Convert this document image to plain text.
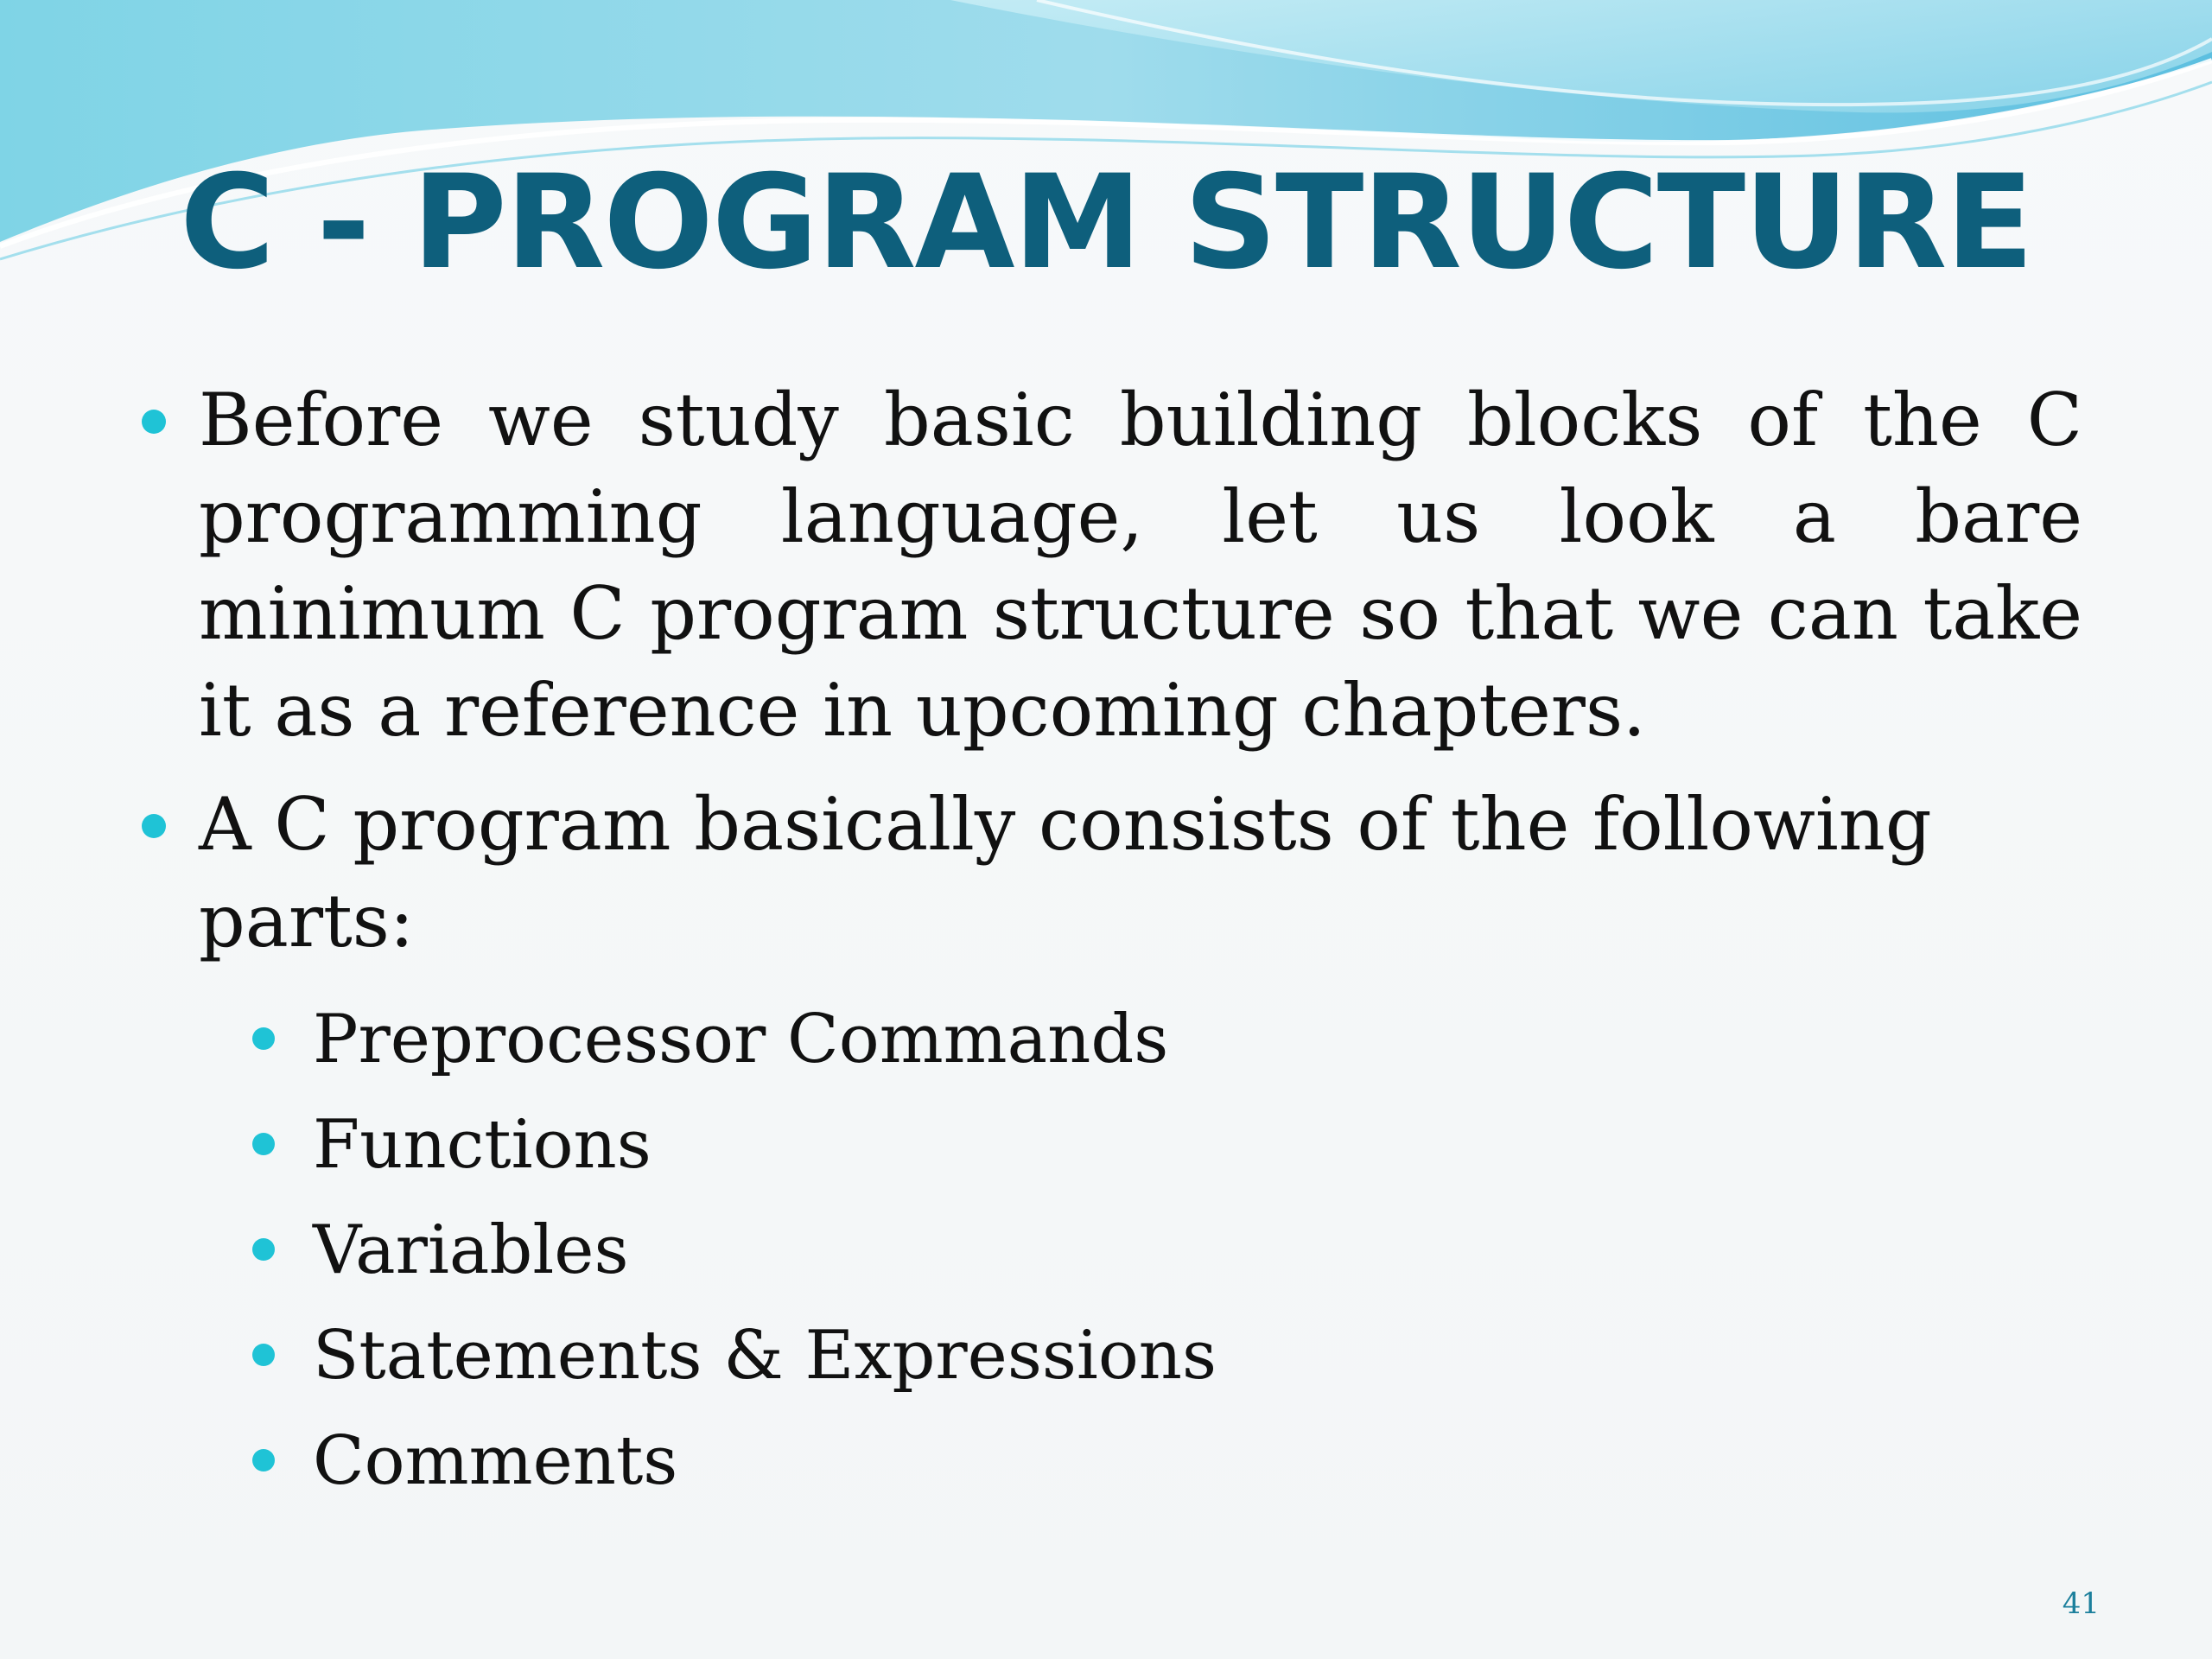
C - PROGRAM STRUCTURE

Before we study basic building blocks of the C programming language, let us look a bare minimum C program structure so that we can take it as a reference in upcoming chapters.

A C program basically consists of the following parts:

Preprocessor Commands
Functions
Variables
Statements & Expressions
Comments
41
